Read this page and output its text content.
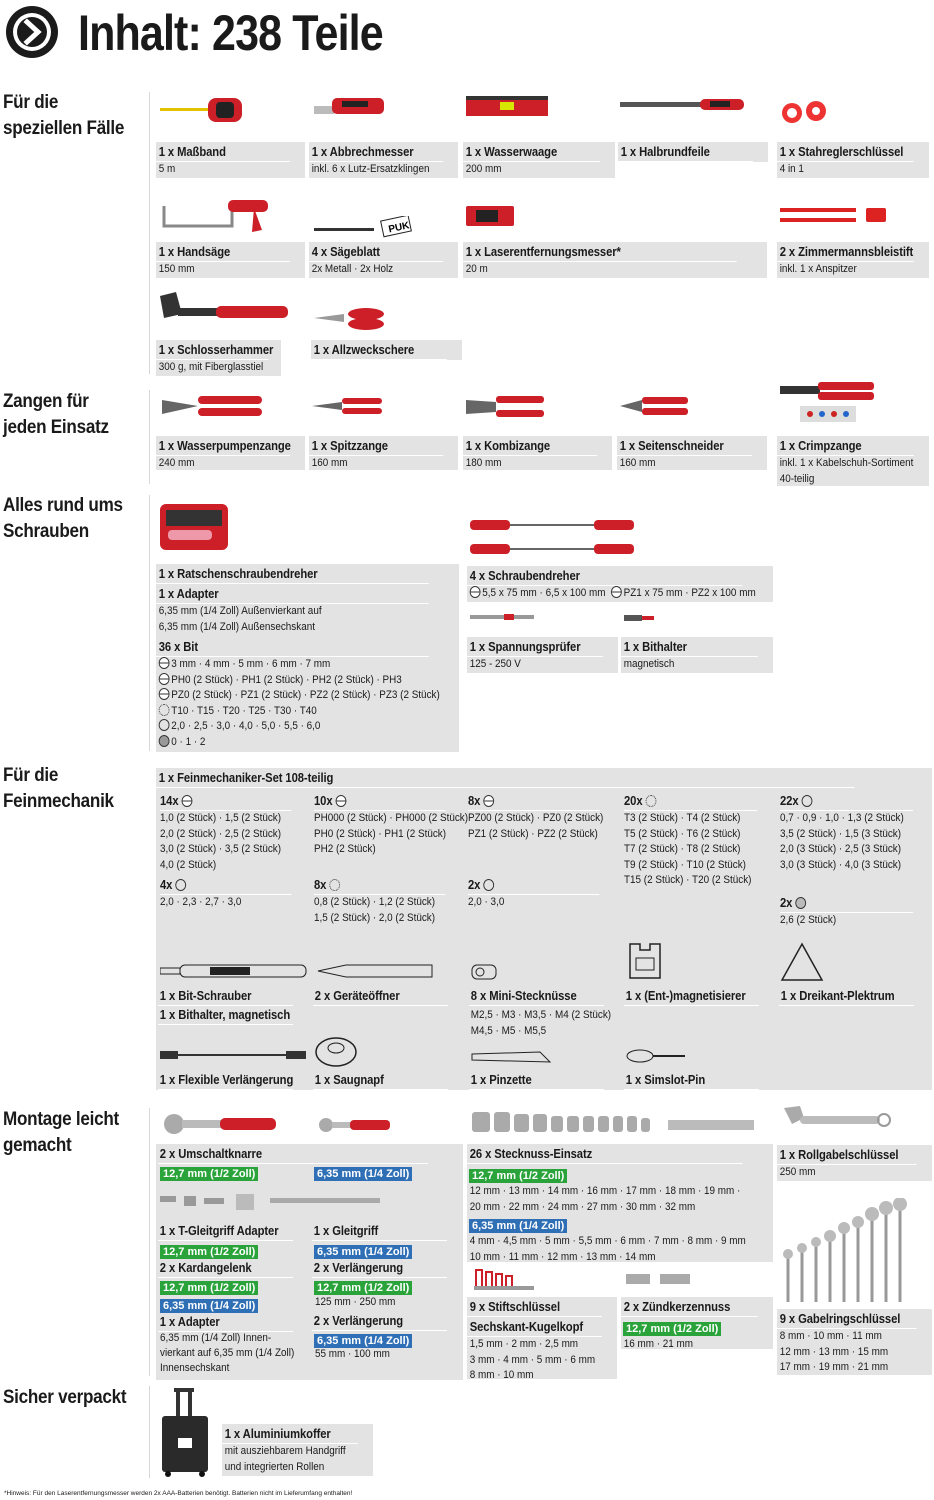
Inhalt: 238 Teile
Für die
speziellen Fälle
Zangen für
jeden Einsatz
Alles rund ums
Schrauben
Für die
Feinmechanik
Montage leicht
gemacht
Sicher verpackt
1 x Maßband
5 m
1 x Abbrechmesser
inkl. 6 x Lutz-Ersatzklingen
1 x Wasserwaage
200 mm
1 x Halbrundfeile	1 x Stahreglerschlüssel
4 in 1
PUK
1 x Handsäge
150 mm
4 x Sägeblatt
2x Metall · 2x Holz
1 x Laserentfernungsmesser*
20 m
2 x Zimmermannsbleistift
inkl. 1 x Anspitzer
1 x Schlosserhammer
300 g, mit Fiberglasstiel
1 x Allzweckschere
1 x Wasserpumpenzange
240 mm
1 x Spitzzange
160 mm
1 x Kombizange
180 mm
1 x Seitenschneider
160 mm
1 x Crimpzange
inkl. 1 x Kabelschuh-Sortiment
40-teilig
1 x Ratschenschraubendreher
1 x Adapter
6,35 mm (1/4 Zoll) Außenvierkant auf
6,35 mm (1/4 Zoll) Außensechskant
36 x Bit
3 mm · 4 mm · 5 mm · 6 mm · 7 mm
PH0 (2 Stück) · PH1 (2 Stück) · PH2 (2 Stück) · PH3
PZ0 (2 Stück) · PZ1 (2 Stück) · PZ2 (2 Stück) · PZ3 (2 Stück)
T10 · T15 · T20 · T25 · T30 · T40
2,0 · 2,5 · 3,0 · 4,0 · 5,0 · 5,5 · 6,0
0 · 1 · 2
4 x Schraubendreher
5,5 x 75 mm · 6,5 x 100 mm PZ1 x 75 mm · PZ2 x 100 mm
1 x Spannungsprüfer
125 - 250 V
1 x Bithalter
magnetisch
1 x Feinmechaniker-Set 108-teilig
14x
1,0 (2 Stück) · 1,5 (2 Stück)
2,0 (2 Stück) · 2,5 (2 Stück)
3,0 (2 Stück) · 3,5 (2 Stück)
4,0 (2 Stück)
10x
PH000 (2 Stück) · PH000 (2 Stück)
PH0 (2 Stück) · PH1 (2 Stück)
PH2 (2 Stück)
8x
PZ00 (2 Stück) · PZ0 (2 Stück)
PZ1 (2 Stück) · PZ2 (2 Stück)
20x
T3 (2 Stück) · T4 (2 Stück)
T5 (2 Stück) · T6 (2 Stück)
T7 (2 Stück) · T8 (2 Stück)
T9 (2 Stück) · T10 (2 Stück)
T15 (2 Stück) · T20 (2 Stück)
22x
0,7 · 0,9 · 1,0 · 1,3 (2 Stück)
3,5 (2 Stück) · 1,5 (3 Stück)
2,0 (3 Stück) · 2,5 (3 Stück)
3,0 (3 Stück) · 4,0 (3 Stück)
4x
2,0 · 2,3 · 2,7 · 3,0
8x
0,8 (2 Stück) · 1,2 (2 Stück)
1,5 (2 Stück) · 2,0 (2 Stück)
2x
2,0 · 3,0	2x
2,6 (2 Stück)
1 x Bit-Schrauber
1 x Bithalter, magnetisch
2 x Geräteöffner	8 x Mini-Stecknüsse
M2,5 · M3 · M3,5 · M4 (2 Stück)
M4,5 · M5 · M5,5
1 x (Ent-)magnetisierer	1 x Dreikant-Plektrum
1 x Flexible Verlängerung 1 x Saugnapf	1 x Pinzette	1 x Simslot-Pin
2 x Umschaltknarre
12,7 mm (1/2 Zoll)	6,35 mm (1/4 Zoll)
1 x T-Gleitgriff Adapter	1 x Gleitgriff
12,7 mm (1/2 Zoll)	6,35 mm (1/4 Zoll)
2 x Kardangelenk	2 x Verlängerung
12,7 mm (1/2 Zoll)	12,7 mm (1/2 Zoll)
6,35 mm (1/4 Zoll)	125 mm · 250 mm
1 x Adapter	2 x Verlängerung
6,35 mm (1/4 Zoll) Innen-
vierkant auf 6,35 mm (1/4 Zoll)
Innensechskant
6,35 mm (1/4 Zoll)
55 mm · 100 mm
26 x Stecknuss-Einsatz
12,7 mm (1/2 Zoll)
12 mm · 13 mm · 14 mm · 16 mm · 17 mm · 18 mm · 19 mm ·
20 mm · 22 mm · 24 mm · 27 mm · 30 mm · 32 mm
6,35 mm (1/4 Zoll)
4 mm · 4,5 mm · 5 mm · 5,5 mm · 6 mm · 7 mm · 8 mm · 9 mm
10 mm · 11 mm · 12 mm · 13 mm · 14 mm
9 x Stiftschlüssel
Sechskant-Kugelkopf
1,5 mm · 2 mm · 2,5 mm
3 mm · 4 mm · 5 mm · 6 mm
8 mm · 10 mm
2 x Zündkerzennuss
12,7 mm (1/2 Zoll)
16 mm · 21 mm
1 x Rollgabelschlüssel
250 mm
9 x Gabelringschlüssel
8 mm · 10 mm · 11 mm
12 mm · 13 mm · 15 mm
17 mm · 19 mm · 21 mm
1 x Aluminiumkoffer
mit ausziehbarem Handgriff
und integrierten Rollen
*Hinweis: Für den Laserentfernungsmesser werden 2x AAA-Batterien benötigt. Batterien nicht im Lieferumfang enthalten!
